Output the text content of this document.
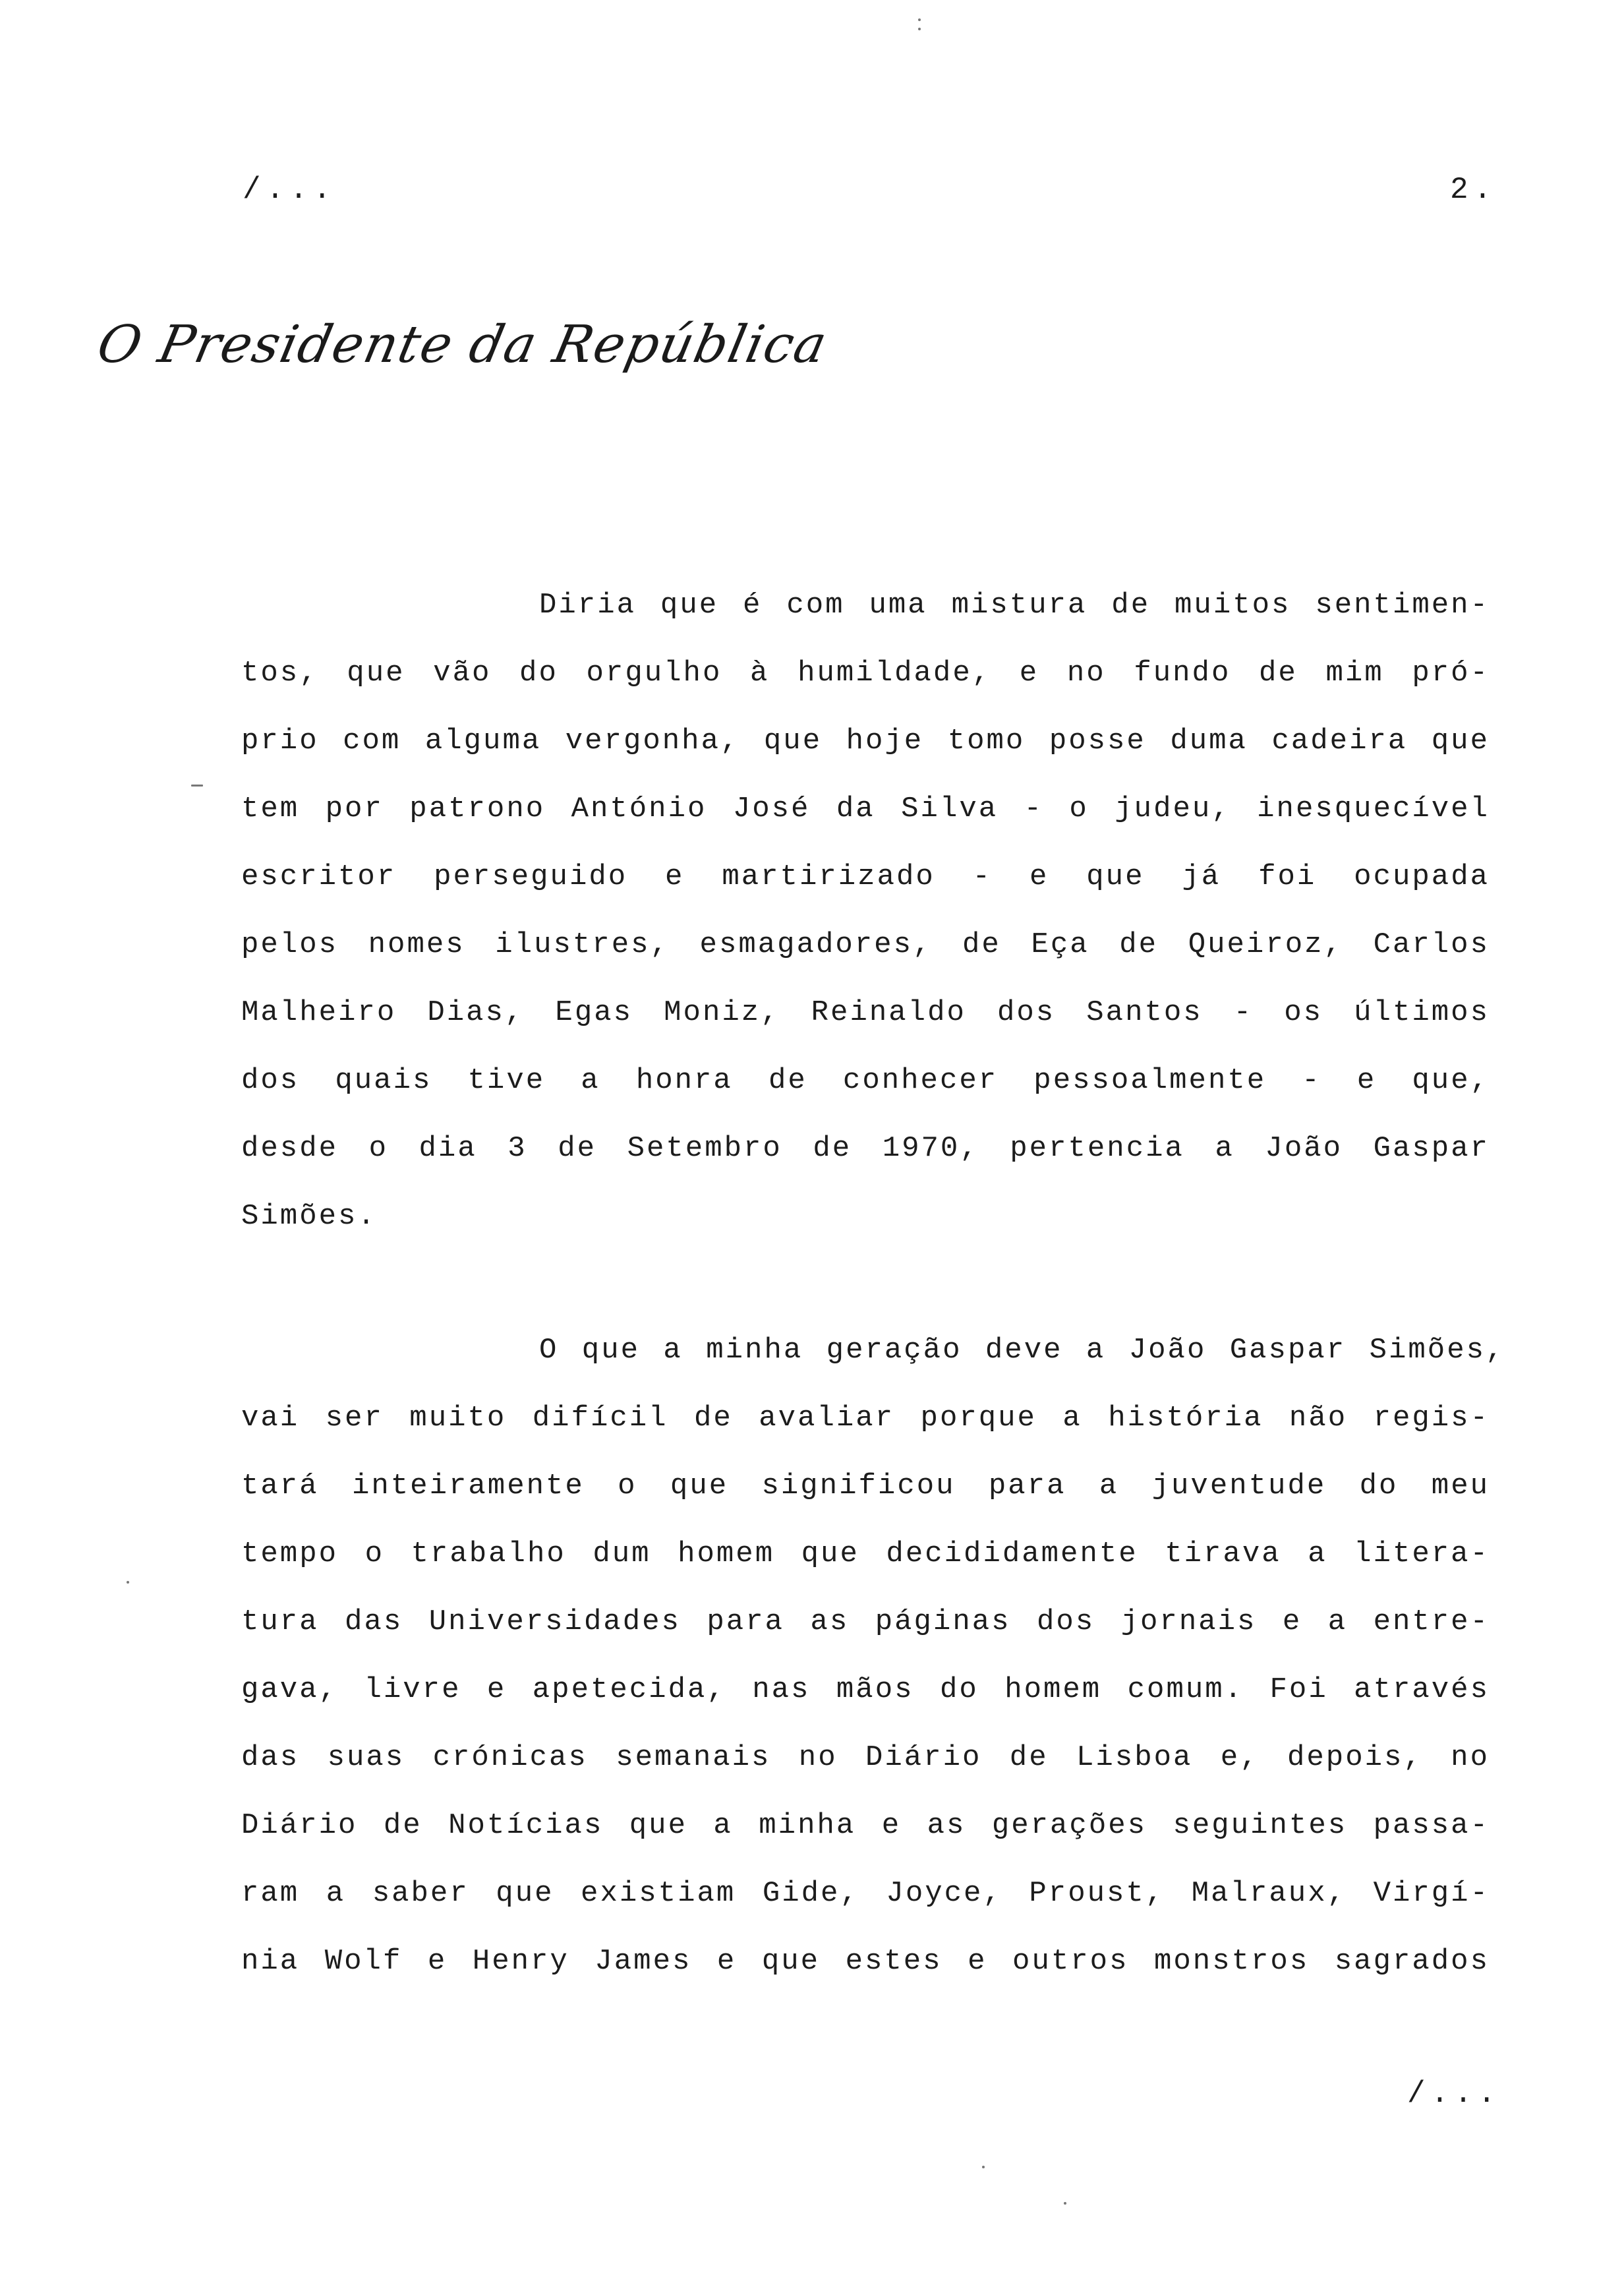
/...	2.
O Presidente da República
Diria que é com uma mistura de muitos sentimen-
tos, que vão do orgulho à humildade, e no fundo de mim pró-
prio com alguma vergonha, que hoje tomo posse duma cadeira que
tem por patrono António José da Silva - o judeu, inesquecível
escritor perseguido e martirizado - e que já foi ocupada
pelos nomes ilustres, esmagadores, de Eça de Queiroz, Carlos
Malheiro Dias, Egas Moniz, Reinaldo dos Santos - os últimos
dos quais tive a honra de conhecer pessoalmente - e que,
desde o dia 3 de Setembro de 1970, pertencia a João Gaspar
Simões.
O que a minha geração deve a João Gaspar Simões,
vai ser muito difícil de avaliar porque a história não regis-
tará inteiramente o que significou para a juventude do meu
tempo o trabalho dum homem que decididamente tirava a litera-
tura das Universidades para as páginas dos jornais e a entre-
gava, livre e apetecida, nas mãos do homem comum. Foi através
das suas crónicas semanais no Diário de Lisboa e, depois, no
Diário de Notícias que a minha e as gerações seguintes passa-
ram a saber que existiam Gide, Joyce, Proust, Malraux, Virgí-
nia Wolf e Henry James e que estes e outros monstros sagrados
/...
